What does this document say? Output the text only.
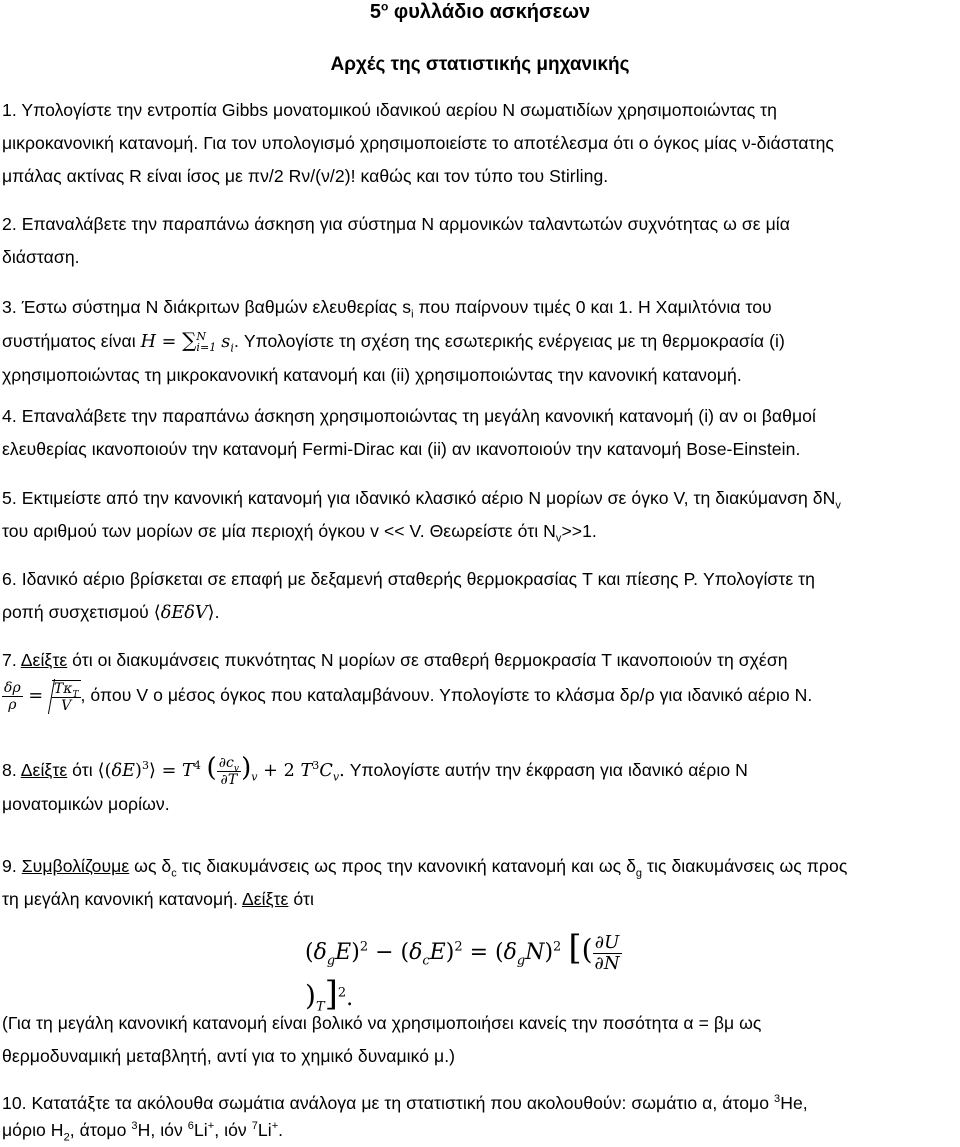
$5^o$ φυλλάδιο ασκήσεων
Αρχές της στατιστικής μηχανικής
1. Υπολογίστε την εντροπία Gibbs μονατομικού ιδανικού αερίου N σωματιδίων χρησιμοποιώντας τη
μικροκανονική κατανομή. Για τον υπολογισμό χρησιμοποιείστε το αποτέλεσμα ότι ο όγκος μίας ν-διάστατης
μπάλας ακτίνας R είναι ίσος με πν/2 Rν/(ν/2)! καθώς και τον τύπο του Stirling.
2. Επαναλάβετε την παραπάνω άσκηση για σύστημα N αρμονικών ταλαντωτών συχνότητας ω σε μία
διάσταση.
3. Έστω σύστημα N διάκριτων βαθμών ελευθερίας $s_i$ που παίρνουν τιμές 0 και 1. Η Χαμιλτόνια του
συστήματος είναι H = ∑ N
i=1 $s_i$. Υπολογίστε τη σχέση της εσωτερικής ενέργειας με τη θερμοκρασία (i)
χρησιμοποιώντας τη μικροκανονική κατανομή και (ii) χρησιμοποιώντας την κανονική κατανομή.
4. Επαναλάβετε την παραπάνω άσκηση χρησιμοποιώντας τη μεγάλη κανονική κατανομή (i) αν οι βαθμοί
ελευθερίας ικανοποιούν την κατανομή Fermi-Dirac και (ii) αν ικανοποιούν την κατανομή Bose-Einstein.
5. Εκτιμείστε από την κανονική κατανομή για ιδανικό κλασικό αέριο N μορίων σε όγκο V, τη διακύμανση $\delta N_v$
του αριθμού των μορίων σε μία περιοχή όγκου v << V. Θεωρείστε ότι $N_v>>1$.
6. Ιδανικό αέριο βρίσκεται σε επαφή με δεξαμενή σταθερής θερμοκρασίας T και πίεσης P. Υπολογίστε τη
ροπή συσχετισμού ⟨δEδV⟩.
7. Δείξτε ότι οι διακυμάνσεις πυκνότητας N μορίων σε σταθερή θερμοκρασία T ικανοποιούν τη σχέση
$\frac{\delta\rho}{\rho} = \frac{T\kappa_T}{V}$ , όπου V ο μέσος όγκος που καταλαμβάνουν. Υπολογίστε το κλάσμα δρ/ρ για ιδανικό αέριο N.
8. Δείξτε ότι $⟨(\delta E)^3⟩ = T^4$ ( $\frac{\partial c_v}{\partial T} )_v + 2$ $T^3C_v$. Υπολογίστε αυτήν την έκφραση για ιδανικό αέριο N
μονατομικών μορίων.
9. Συμβολίζουμε ως $\delta_c$ τις διακυμάνσεις ως προς την κανονική κατανομή και ως $\delta_g$ τις διακυμάνσεις ως προς
τη μεγάλη κανονική κατανομή. Δείξτε ότι
$(\delta_gE)^2 - (\delta_cE)^2 = (\delta_gN)^2$ [( $\frac{\partial U}{\partial N}$
)$_T]^2$.
(Για τη μεγάλη κανονική κατανομή είναι βολικό να χρησιμοποιήσει κανείς την ποσότητα α = βμ ως
θερμοδυναμική μεταβλητή, αντί για το χημικό δυναμικό μ.)
10. Κατατάξτε τα ακόλουθα σωμάτια ανάλογα με τη στατιστική που ακολουθούν: σωμάτιο α, άτομο $^3$He,
μόριο $H_2$, άτομο $^3$H, ιόν $^6$Li+, ιόν $^7$Li+.
